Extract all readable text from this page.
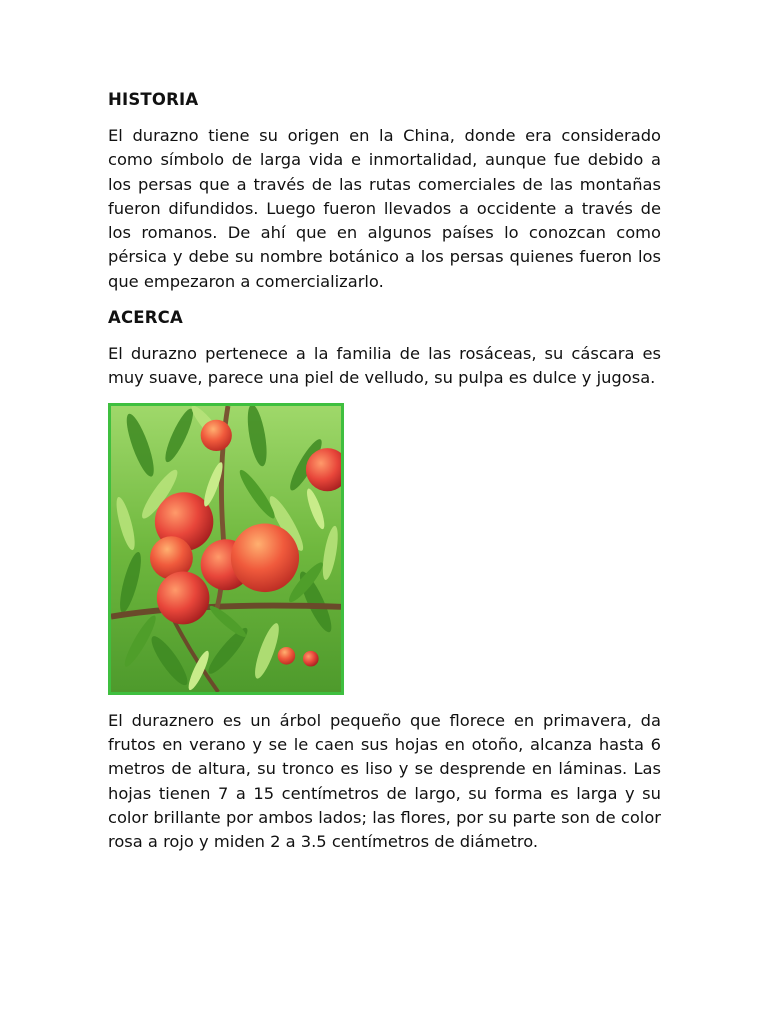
HISTORIA

El durazno tiene su origen en la China, donde era considerado como símbolo de larga vida e inmortalidad, aunque fue debido a los persas que a través de las rutas comerciales de las montañas fueron difundidos. Luego fueron llevados a occidente a través de los romanos. De ahí que en algunos países lo conozcan como pérsica y debe su nombre botánico a los persas quienes fueron los que empezaron a comercializarlo.

ACERCA

El durazno pertenece a la familia de las rosáceas, su cáscara es muy suave, parece una piel de velludo, su pulpa es dulce y jugosa.

El duraznero es un árbol pequeño que florece en primavera, da frutos en verano y se le caen sus hojas en otoño, alcanza hasta 6 metros de altura, su tronco es liso y se desprende en láminas. Las hojas tienen 7 a 15 centímetros de largo, su forma es larga y su color brillante por ambos lados; las flores, por su parte son de color rosa a rojo y miden 2 a 3.5 centímetros de diámetro.
